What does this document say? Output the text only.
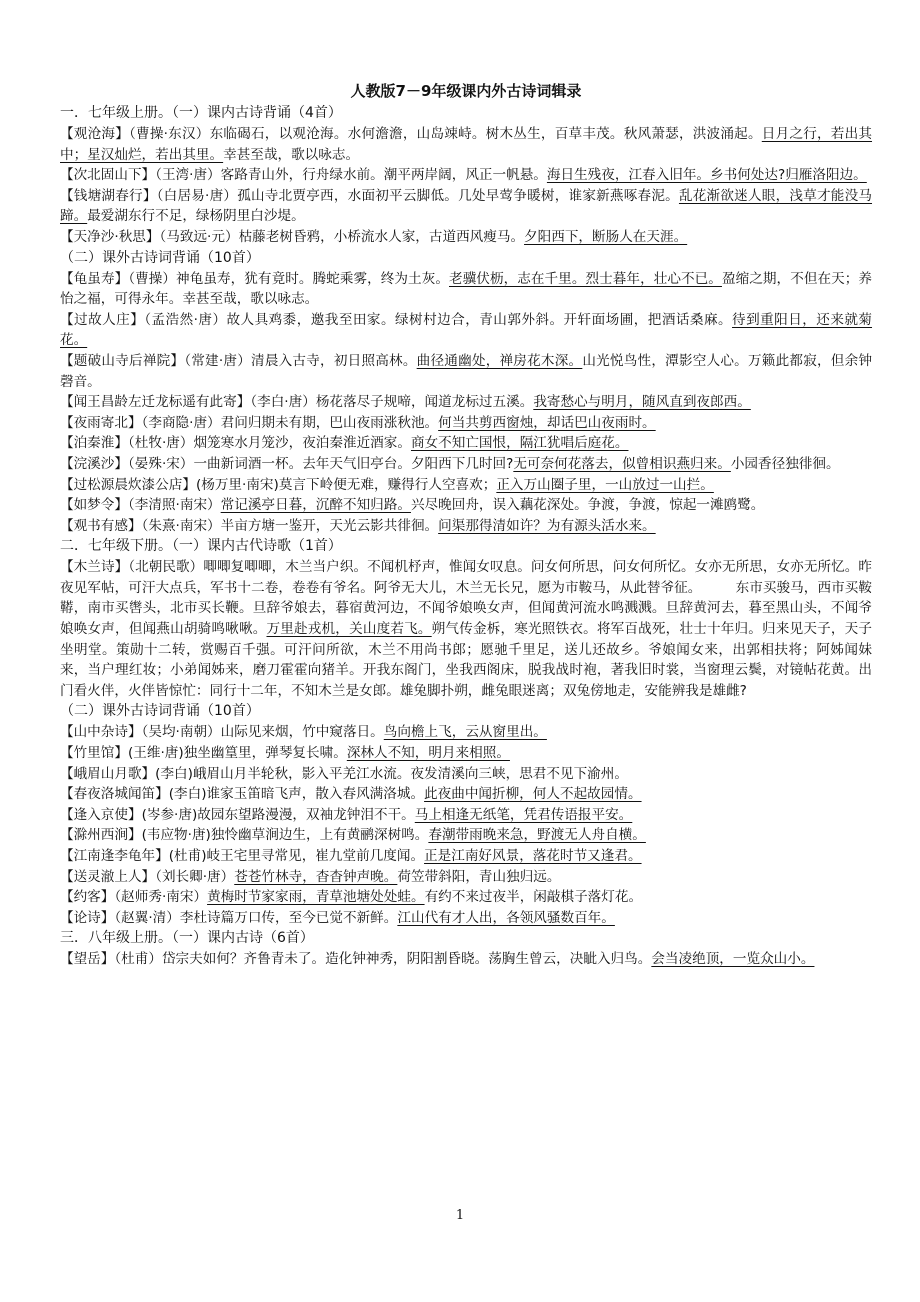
人教版7－9年级课内外古诗词辑录

一．七年级上册。（一）课内古诗背诵（4首）

【观沧海】（曹操·东汉）东临碣石，以观沧海。水何澹澹，山岛竦峙。树木丛生，百草丰茂。秋风萧瑟，洪波涌起。日月之行，若出其中；星汉灿烂，若出其里。幸甚至哉，歌以咏志。

【次北固山下】（王湾·唐）客路青山外，行舟绿水前。潮平两岸阔，风正一帆悬。海日生残夜，江春入旧年。乡书何处达?归雁洛阳边。

【钱塘湖春行】（白居易·唐）孤山寺北贾亭西，水面初平云脚低。几处早莺争暖树，谁家新燕啄春泥。乱花渐欲迷人眼，浅草才能没马蹄。最爱湖东行不足，绿杨阴里白沙堤。

【天净沙·秋思】（马致远·元）枯藤老树昏鸦，小桥流水人家，古道西风瘦马。夕阳西下，断肠人在天涯。

（二）课外古诗词背诵（10首）

【龟虽寿】（曹操）神龟虽寿，犹有竟时。腾蛇乘雾，终为土灰。老骥伏枥，志在千里。烈士暮年，壮心不已。盈缩之期，不但在天；养怡之福，可得永年。幸甚至哉，歌以咏志。

【过故人庄】（孟浩然·唐）故人具鸡黍，邀我至田家。绿树村边合，青山郭外斜。开轩面场圃，把酒话桑麻。待到重阳日，还来就菊花。

【题破山寺后禅院】（常建·唐）清晨入古寺，初日照高林。曲径通幽处，禅房花木深。山光悦鸟性，潭影空人心。万籁此都寂，但余钟磬音。

【闻王昌龄左迁龙标遥有此寄】（李白·唐）杨花落尽子规啼，闻道龙标过五溪。我寄愁心与明月，随风直到夜郎西。

【夜雨寄北】（李商隐·唐）君问归期未有期，巴山夜雨涨秋池。何当共剪西窗烛，却话巴山夜雨时。

【泊秦淮】（杜牧·唐）烟笼寒水月笼沙，夜泊秦淮近酒家。商女不知亡国恨，隔江犹唱后庭花。

【浣溪沙】（晏殊·宋）一曲新词酒一杯。去年天气旧亭台。夕阳西下几时回?无可奈何花落去，似曾相识燕归来。小园香径独徘徊。

【过松源晨炊漆公店】(杨万里·南宋)莫言下岭便无难，赚得行人空喜欢；正入万山圈子里，一山放过一山拦。

【如梦令】（李清照·南宋）常记溪亭日暮，沉醉不知归路。兴尽晚回舟，误入藕花深处。争渡，争渡，惊起一滩鸥鹭。

【观书有感】（朱熹·南宋）半亩方塘一鉴开，天光云影共徘徊。问渠那得清如许？为有源头活水来。

二．七年级下册。（一）课内古代诗歌（1首）

【木兰诗】（北朝民歌）唧唧复唧唧，木兰当户织。不闻机杼声，惟闻女叹息。问女何所思，问女何所忆。女亦无所思，女亦无所忆。昨夜见军帖，可汗大点兵，军书十二卷，卷卷有爷名。阿爷无大儿，木兰无长兄，愿为市鞍马，从此替爷征。　　　东市买骏马，西市买鞍鞯，南市买辔头，北市买长鞭。旦辞爷娘去，暮宿黄河边，不闻爷娘唤女声，但闻黄河流水鸣溅溅。旦辞黄河去，暮至黑山头，不闻爷娘唤女声，但闻燕山胡骑鸣啾啾。万里赴戎机，关山度若飞。朔气传金柝，寒光照铁衣。将军百战死，壮士十年归。归来见天子，天子坐明堂。策勋十二转，赏赐百千强。可汗问所欲，木兰不用尚书郎；愿驰千里足，送儿还故乡。爷娘闻女来，出郭相扶将；阿姊闻妹来，当户理红妆；小弟闻姊来，磨刀霍霍向猪羊。开我东阁门，坐我西阁床，脱我战时袍，著我旧时裳，当窗理云鬓，对镜帖花黄。出门看火伴，火伴皆惊忙：同行十二年，不知木兰是女郎。雄兔脚扑朔，雌兔眼迷离；双兔傍地走，安能辨我是雄雌?

（二）课外古诗词背诵（10首）

【山中杂诗】（吴均·南朝）山际见来烟，竹中窥落日。鸟向檐上飞，云从窗里出。

【竹里馆】(王维·唐)独坐幽篁里，弹琴复长啸。深林人不知，明月来相照。

【峨眉山月歌】(李白)峨眉山月半轮秋，影入平羌江水流。夜发清溪向三峡，思君不见下渝州。

【春夜洛城闻笛】(李白)谁家玉笛暗飞声，散入春风满洛城。此夜曲中闻折柳，何人不起故园情。

【逢入京使】(岑参·唐)故园东望路漫漫，双袖龙钟泪不干。马上相逢无纸笔，凭君传语报平安。

【滁州西涧】(韦应物·唐)独怜幽草涧边生，上有黄鹂深树鸣。春潮带雨晚来急，野渡无人舟自横。

【江南逢李龟年】(杜甫)岐王宅里寻常见，崔九堂前几度闻。正是江南好风景，落花时节又逢君。

【送灵澈上人】（刘长卿·唐）苍苍竹林寺，杳杳钟声晚。荷笠带斜阳，青山独归远。

【约客】（赵师秀·南宋）黄梅时节家家雨，青草池塘处处蛙。有约不来过夜半，闲敲棋子落灯花。

【论诗】（赵翼·清）李杜诗篇万口传，至今已觉不新鲜。江山代有才人出，各领风骚数百年。

三．八年级上册。（一）课内古诗（6首）

【望岳】（杜甫）岱宗夫如何？齐鲁青未了。造化钟神秀，阴阳割昏晓。荡胸生曾云，决眦入归鸟。会当凌绝顶，一览众山小。

1
